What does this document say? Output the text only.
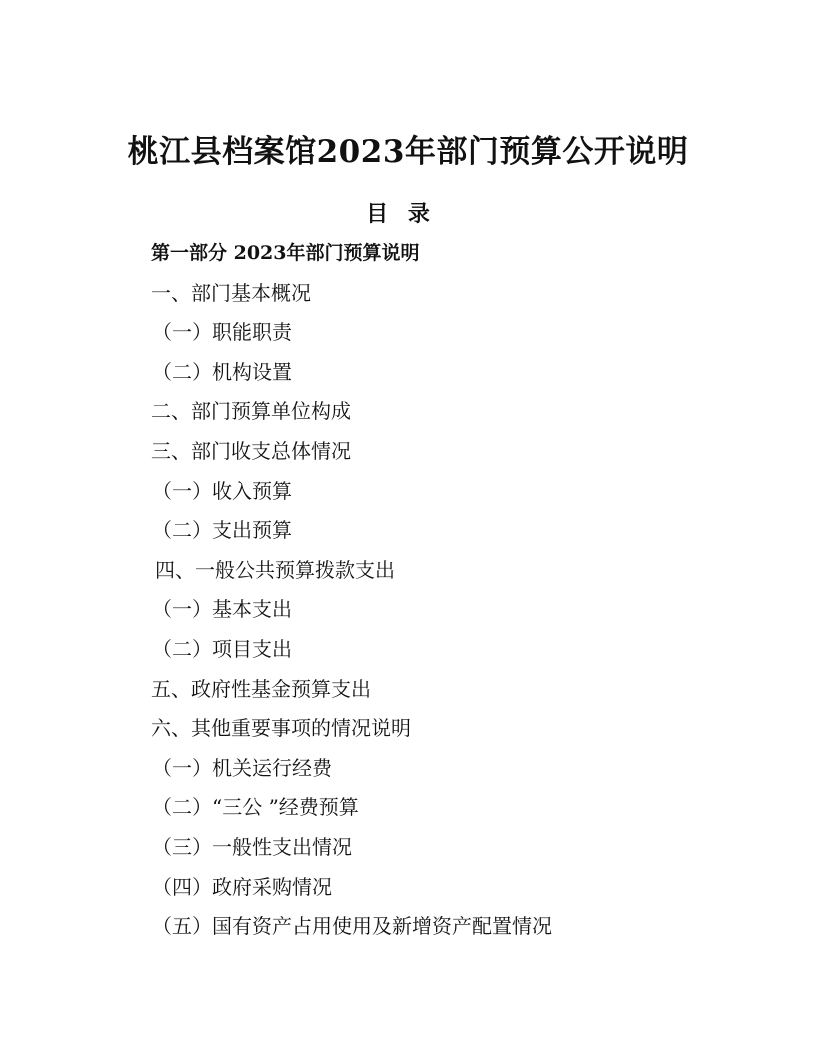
桃江县档案馆2023年部门预算公开说明
目 录
第一部分 2023年部门预算说明
一、部门基本概况
（一）职能职责
（二）机构设置
二、部门预算单位构成
三、部门收支总体情况
（一）收入预算
（二）支出预算
四、一般公共预算拨款支出
（一）基本支出
（二）项目支出
五、政府性基金预算支出
六、其他重要事项的情况说明
（一）机关运行经费
（二）“三公 ”经费预算
（三）一般性支出情况
（四）政府采购情况
（五）国有资产占用使用及新增资产配置情况
